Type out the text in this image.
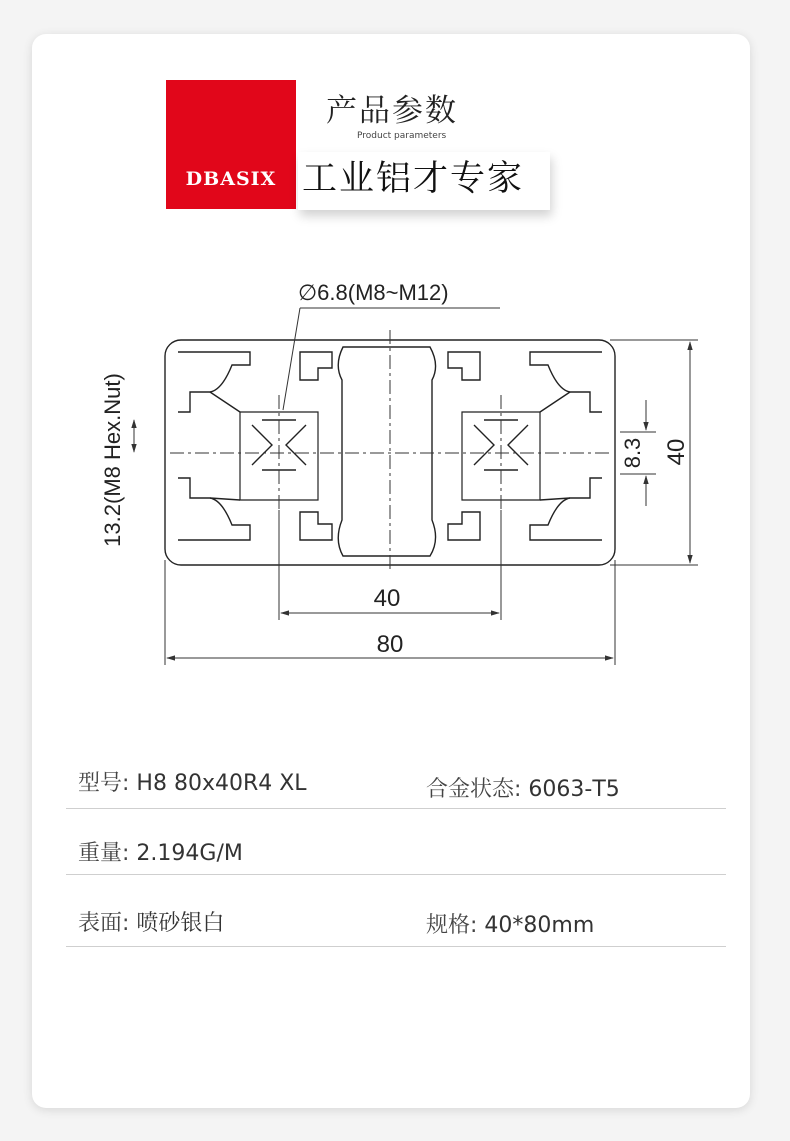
DBASIX
产品参数
Product parameters
工业铝才专家
∅6.8(M8~M12)
80
40
40
8.3
13.2(M8 Hex.Nut)
型号: H8 80x40R4 XL	合金状态: 6063-T5
重量: 2.194G/M
表面: 喷砂银白	规格: 40*80mm
